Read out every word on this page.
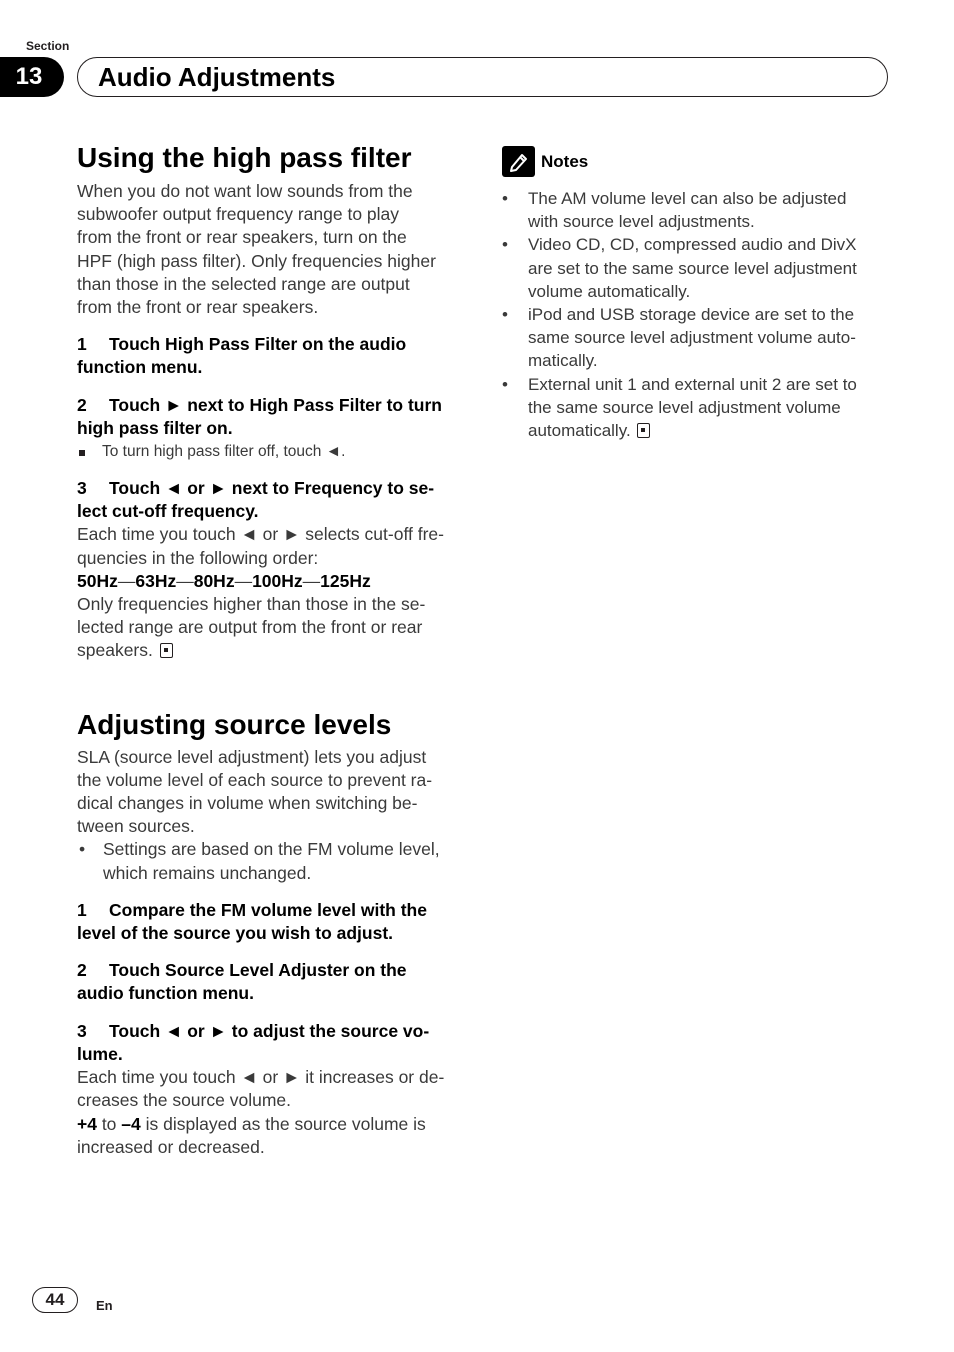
Section
13	Audio Adjustments
Using the high pass filter
When you do not want low sounds from the
subwoofer output frequency range to play
from the front or rear speakers, turn on the
HPF (high pass filter). Only frequencies higher
than those in the selected range are output
from the front or rear speakers.
1 Touch High Pass Filter on the audio
function menu.
2 Touch ► next to High Pass Filter to turn
high pass filter on.
To turn high pass filter off, touch ◄.
3 Touch ◄ or ► next to Frequency to se-
lect cut-off frequency.
Each time you touch ◄ or ► selects cut-off fre-
quencies in the following order:
50Hz—63Hz—80Hz—100Hz—125Hz
Only frequencies higher than those in the se-
lected range are output from the front or rear
speakers.
Adjusting source levels
SLA (source level adjustment) lets you adjust
the volume level of each source to prevent ra-
dical changes in volume when switching be-
tween sources.
• Settings are based on the FM volume level,
which remains unchanged.
1 Compare the FM volume level with the
level of the source you wish to adjust.
2 Touch Source Level Adjuster on the
audio function menu.
3 Touch ◄ or ► to adjust the source vo-
lume.
Each time you touch ◄ or ► it increases or de-
creases the source volume.
+4 to –4 is displayed as the source volume is
increased or decreased.
Notes
• The AM volume level can also be adjusted
with source level adjustments.
• Video CD, CD, compressed audio and DivX
are set to the same source level adjustment
volume automatically.
• iPod and USB storage device are set to the
same source level adjustment volume auto-
matically.
• External unit 1 and external unit 2 are set to
the same source level adjustment volume
automatically.
44	En
